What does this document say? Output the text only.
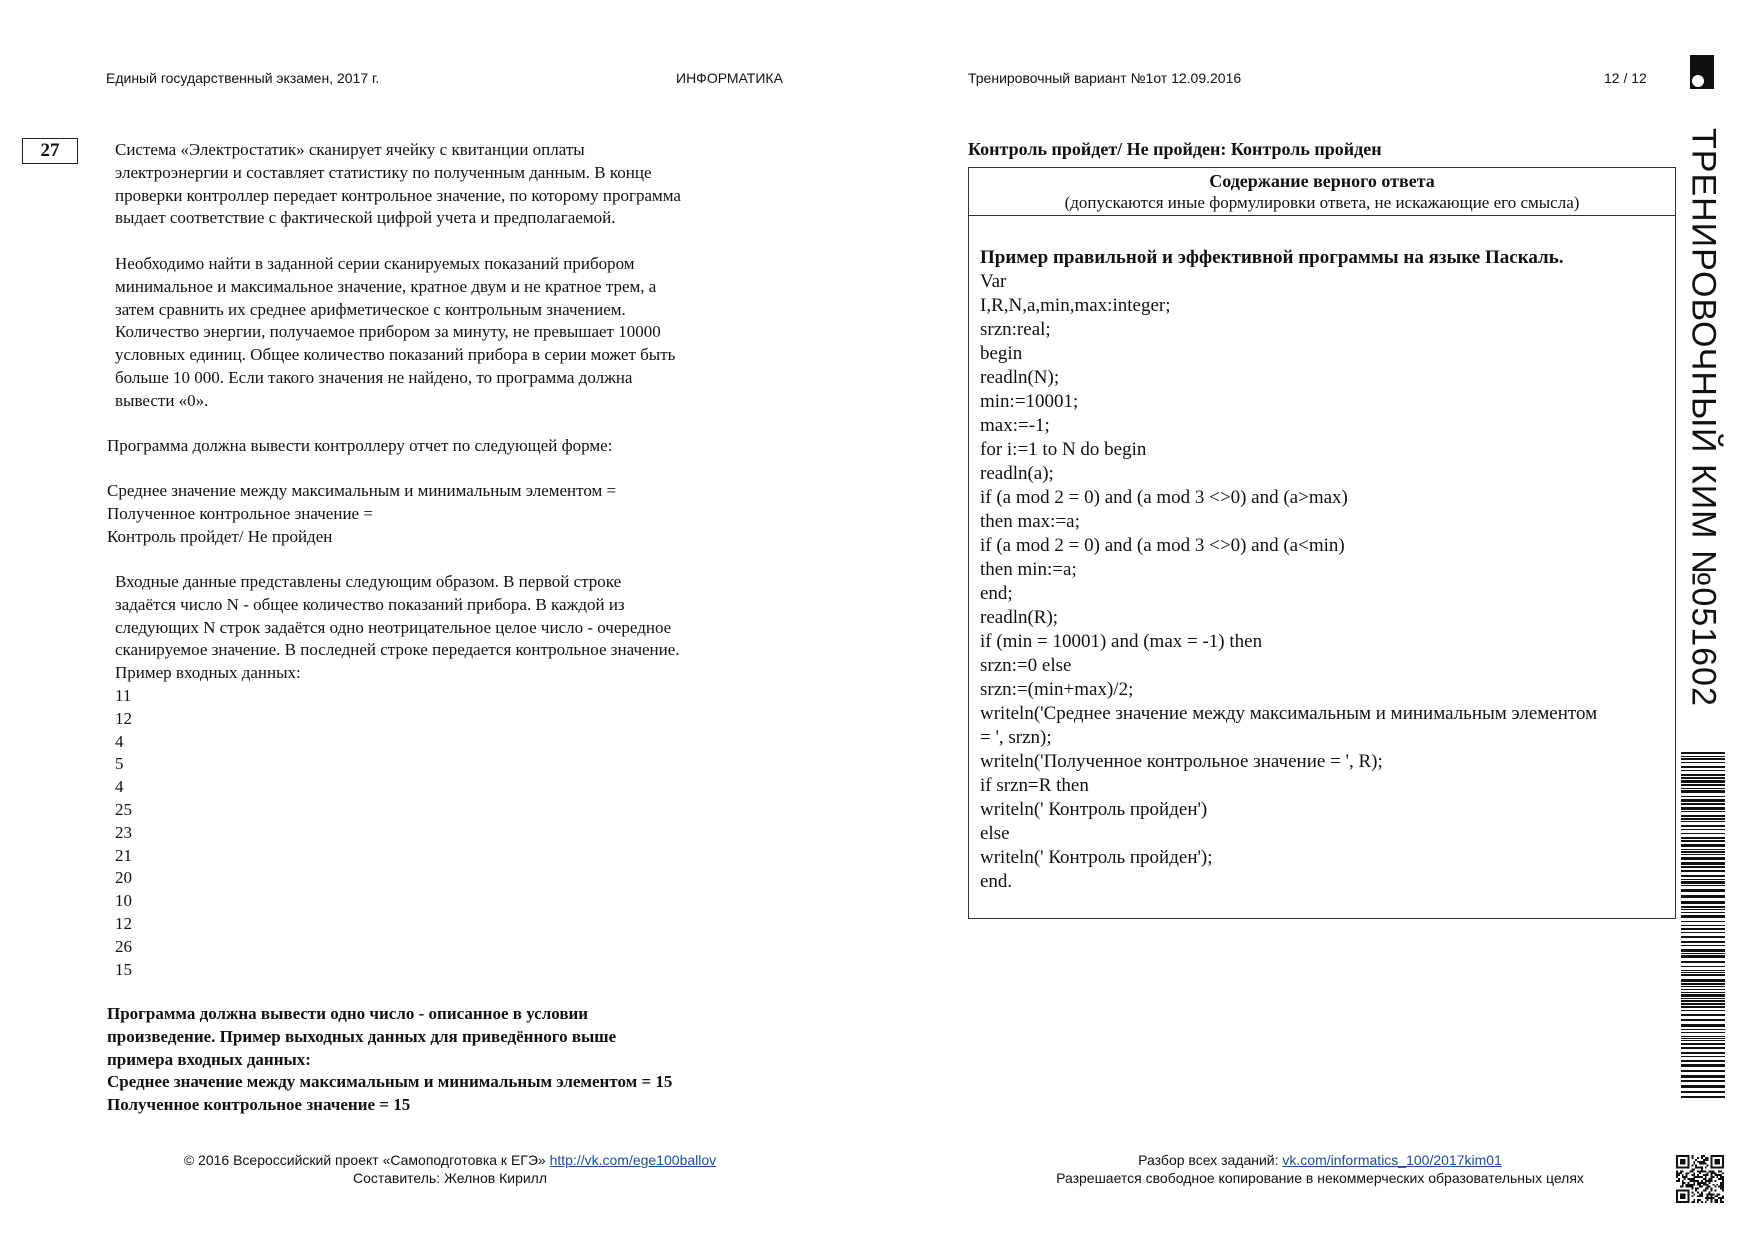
Единый государственный экзамен, 2017 г.	ИНФОРМАТИКА	Тренировочный вариант №1от 12.09.2016	12 / 12
27	Система «Электростатик» сканирует ячейку с квитанции оплаты

электроэнергии и составляет статистику по полученным данным. В конце

проверки контроллер передает контрольное значение, по которому программа

выдает соответствие с фактической цифрой учета и предполагаемой.

Необходимо найти в заданной серии сканируемых показаний прибором

минимальное и максимальное значение, кратное двум и не кратное трем, а

затем сравнить их среднее арифметическое с контрольным значением.

Количество энергии, получаемое прибором за минуту, не превышает 10000

условных единиц. Общее количество показаний прибора в серии может быть

больше 10 000. Если такого значения не найдено, то программа должна

вывести «0».

Программа должна вывести контроллеру отчет по следующей форме:

Среднее значение между максимальным и минимальным элементом =

Полученное контрольное значение =

Контроль пройдет/ Не пройден

Входные данные представлены следующим образом. В первой строке

задаётся число N - общее количество показаний прибора. В каждой из

следующих N строк задаётся одно неотрицательное целое число - очередное

сканируемое значение. В последней строке передается контрольное значение.

Пример входных данных:

11

12

4

5

4

25

23

21

20

10

12

26

15

Программа должна вывести одно число - описанное в условии

произведение. Пример выходных данных для приведённого выше

примера входных данных:

Среднее значение между максимальным и минимальным элементом = 15

Полученное контрольное значение = 15

Контроль пройдет/ Не пройден: Контроль пройден
Содержание верного ответа
(допускаются иные формулировки ответа, не искажающие его смысла)

Пример правильной и эффективной программы на языке Паскаль.

Var

I,R,N,a,min,max:integer;

srzn:real;

begin

readln(N);

min:=10001;

max:=-1;

for i:=1 to N do begin

readln(a);

if (a mod 2 = 0) and (a mod 3 <>0) and (a>max)

then max:=a;

if (a mod 2 = 0) and (a mod 3 <>0) and (a<min)

then min:=a;

end;

readln(R);

if (min = 10001) and (max = -1) then

srzn:=0 else

srzn:=(min+max)/2;

writeln('Среднее значение между максимальным и минимальным элементом

= ', srzn);

writeln('Полученное контрольное значение = ', R);

if srzn=R then

writeln(' Контроль пройден')

else

writeln(' Контроль пройден');

end.

ТРЕНИРОВОЧНЫЙ КИМ №051602
© 2016 Всероссийский проект «Самоподготовка к ЕГЭ» http://vk.com/ege100ballov
Составитель: Желнов Кирилл
Разбор всех заданий: vk.com/informatics_100/2017kim01
Разрешается свободное копирование в некоммерческих образовательных целях
